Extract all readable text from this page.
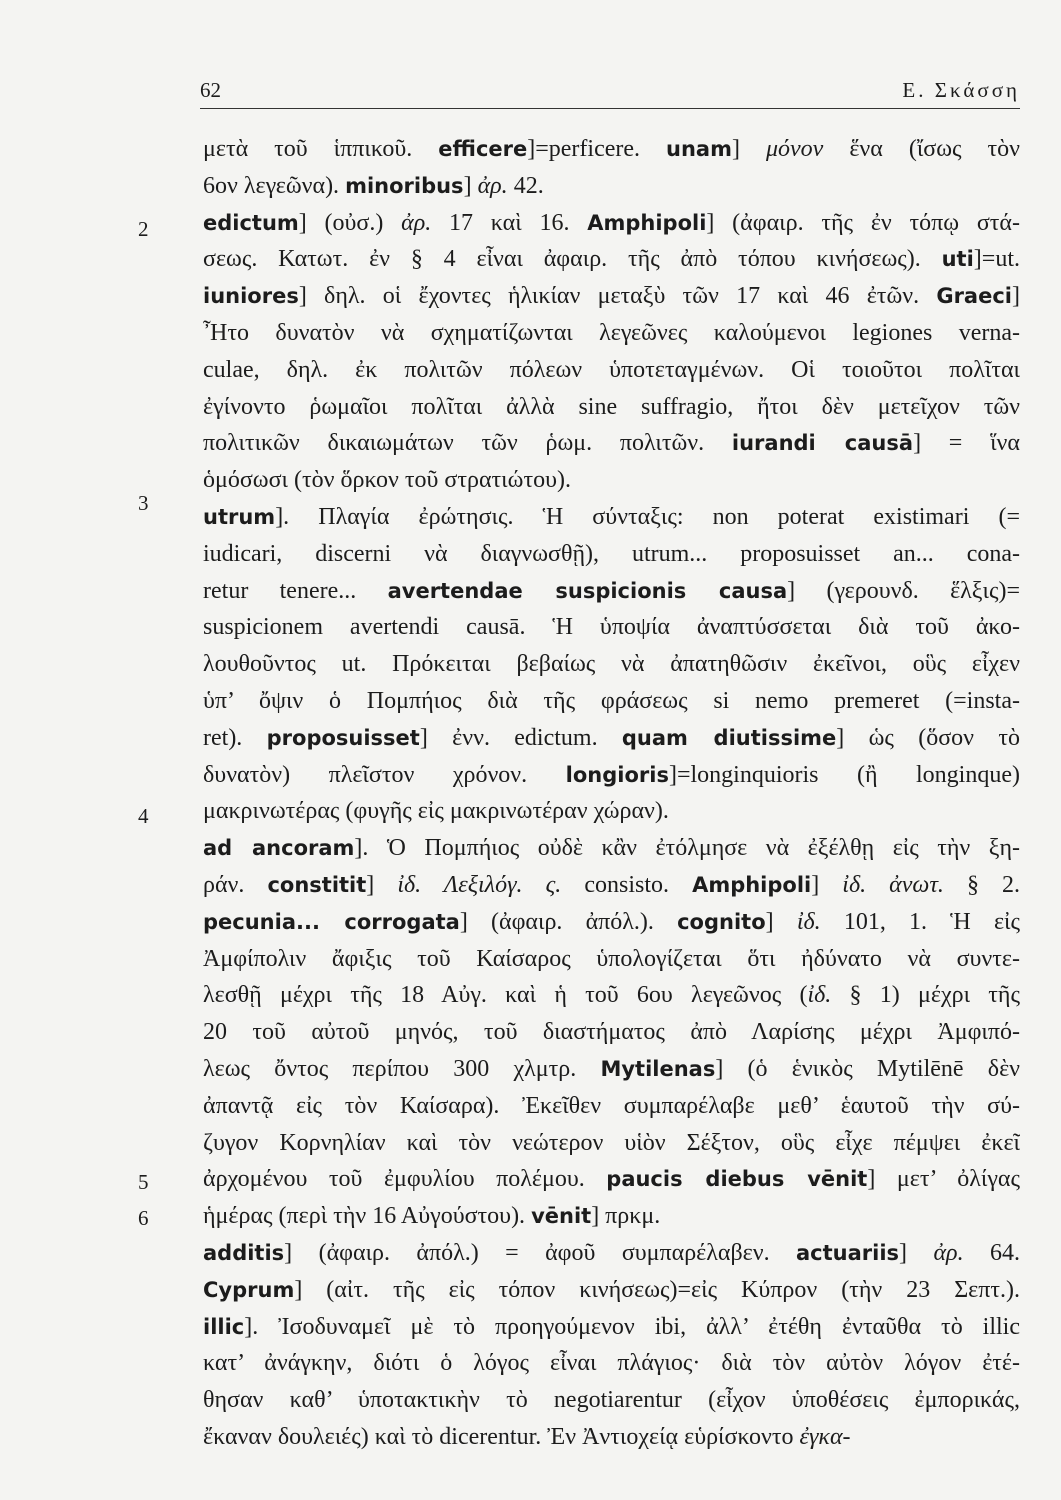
62	Ε. Σκάσση
2
3
4
5
6
μετὰ τοῦ ἱππικοῦ. efficere]=perficere. unam] μόνον ἕνα (ἴσως τὸν
6ον λεγεῶνα). minoribus] ἀρ. 42.
edictum] (οὐσ.) ἀρ. 17 καὶ 16. Amphipoli] (ἀφαιρ. τῆς ἐν τόπῳ στά-
σεως. Κατωτ. ἐν § 4 εἶναι ἀφαιρ. τῆς ἀπὸ τόπου κινήσεως). uti]=ut.
iuniores] δηλ. οἱ ἔχοντες ἡλικίαν μεταξὺ τῶν 17 καὶ 46 ἐτῶν. Graeci]
Ἦτο δυνατὸν νὰ σχηματίζωνται λεγεῶνες καλούμενοι legiones verna-
culae, δηλ. ἐκ πολιτῶν πόλεων ὑποτεταγμένων. Οἱ τοιοῦτοι πολῖται
ἐγίνοντο ῥωμαῖοι πολῖται ἀλλὰ sine suffragio, ἤτοι δὲν μετεῖχον τῶν
πολιτικῶν δικαιωμάτων τῶν ῥωμ. πολιτῶν. iurandi causā] = ἵνα
ὁμόσωσι (τὸν ὅρκον τοῦ στρατιώτου).
utrum]. Πλαγία ἐρώτησις. Ἡ σύνταξις: non poterat existimari (=
iudicari, discerni νὰ διαγνωσθῇ), utrum... proposuisset an... cona-
retur tenere... avertendae suspicionis causa] (γερουνδ. ἕλξις)=
suspicionem avertendi causā. Ἡ ὑποψία ἀναπτύσσεται διὰ τοῦ ἀκο-
λουθοῦντος ut. Πρόκειται βεβαίως νὰ ἀπατηθῶσιν ἐκεῖνοι, οὓς εἶχεν
ὑπ’ ὄψιν ὁ Πομπήιος διὰ τῆς φράσεως si nemo premeret (=insta-
ret). proposuisset] ἐνν. edictum. quam diutissime] ὡς (ὅσον τὸ
δυνατὸν) πλεῖστον χρόνον. longioris]=longinquioris (ἢ longinque)
μακρινωτέρας (φυγῆς εἰς μακρινωτέραν χώραν).
ad ancoram]. Ὁ Πομπήιος οὐδὲ κἂν ἐτόλμησε νὰ ἐξέλθῃ εἰς τὴν ξη-
ράν. constitit] ἰδ. Λεξιλόγ. ς. consisto. Amphipoli] ἰδ. ἀνωτ. § 2.
pecunia... corrogata] (ἀφαιρ. ἀπόλ.). cognito] ἰδ. 101, 1. Ἡ εἰς
Ἀμφίπολιν ἄφιξις τοῦ Καίσαρος ὑπολογίζεται ὅτι ἠδύνατο νὰ συντε-
λεσθῇ μέχρι τῆς 18 Αὐγ. καὶ ἡ τοῦ 6ου λεγεῶνος (ἰδ. § 1) μέχρι τῆς
20 τοῦ αὐτοῦ μηνός, τοῦ διαστήματος ἀπὸ Λαρίσης μέχρι Ἀμφιπό-
λεως ὄντος περίπου 300 χλμτρ. Mytilenas] (ὁ ἑνικὸς Mytilēnē δὲν
ἀπαντᾷ εἰς τὸν Καίσαρα). Ἐκεῖθεν συμπαρέλαβε μεθ’ ἑαυτοῦ τὴν σύ-
ζυγον Κορνηλίαν καὶ τὸν νεώτερον υἱὸν Σέξτον, οὓς εἶχε πέμψει ἐκεῖ
ἀρχομένου τοῦ ἐμφυλίου πολέμου. paucis diebus vēnit] μετ’ ὀλίγας
ἡμέρας (περὶ τὴν 16 Αὐγούστου). vēnit] πρκμ.
additis] (ἀφαιρ. ἀπόλ.) = ἀφοῦ συμπαρέλαβεν. actuariis] ἀρ. 64.
Cyprum] (αἰτ. τῆς εἰς τόπον κινήσεως)=εἰς Κύπρον (τὴν 23 Σεπτ.).
illic]. Ἰσοδυναμεῖ μὲ τὸ προηγούμενον ibi, ἀλλ’ ἐτέθη ἐνταῦθα τὸ illic
κατ’ ἀνάγκην, διότι ὁ λόγος εἶναι πλάγιος· διὰ τὸν αὐτὸν λόγον ἐτέ-
θησαν καθ’ ὑποτακτικὴν τὸ negotiarentur (εἶχον ὑποθέσεις ἐμπορικάς,
ἔκαναν δουλειές) καὶ τὸ dicerentur. Ἐν Ἀντιοχείᾳ εὑρίσκοντο ἐγκα-
